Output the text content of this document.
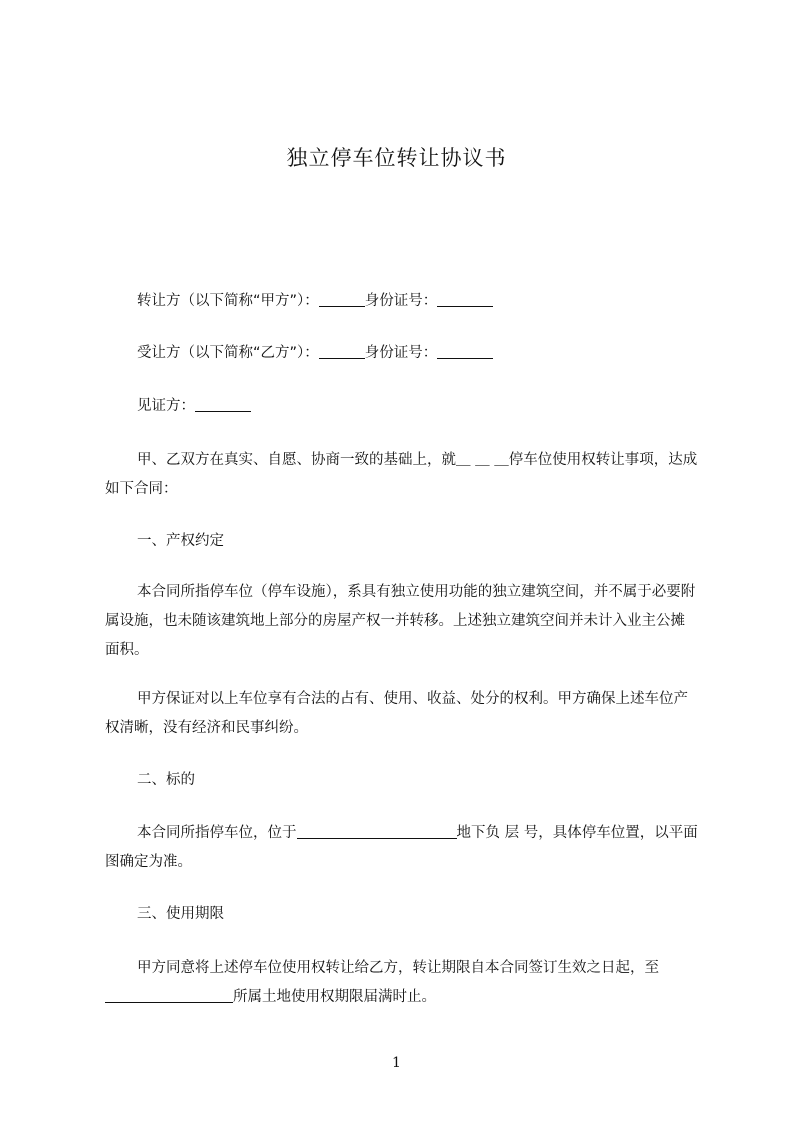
独立停车位转让协议书

转让方（以下简称“甲方”）：	身份证号：

受让方（以下简称“乙方”）：	身份证号：

见证方：

甲、乙双方在真实、自愿、协商一致的基础上，就＿ ＿ ＿停车位使用权转让事项，达成如下合同：

一、产权约定

本合同所指停车位（停车设施），系具有独立使用功能的独立建筑空间，并不属于必要附属设施，也未随该建筑地上部分的房屋产权一并转移。上述独立建筑空间并未计入业主公摊面积。

甲方保证对以上车位享有合法的占有、使用、收益、处分的权利。甲方确保上述车位产权清晰，没有经济和民事纠纷。

二、标的

本合同所指停车位，位于	地下负 层 号，具体停车位置，以平面图确定为准。

三、使用期限

甲方同意将上述停车位使用权转让给乙方，转让期限自本合同签订生效之日起，至所属土地使用权期限届满时止。

1
